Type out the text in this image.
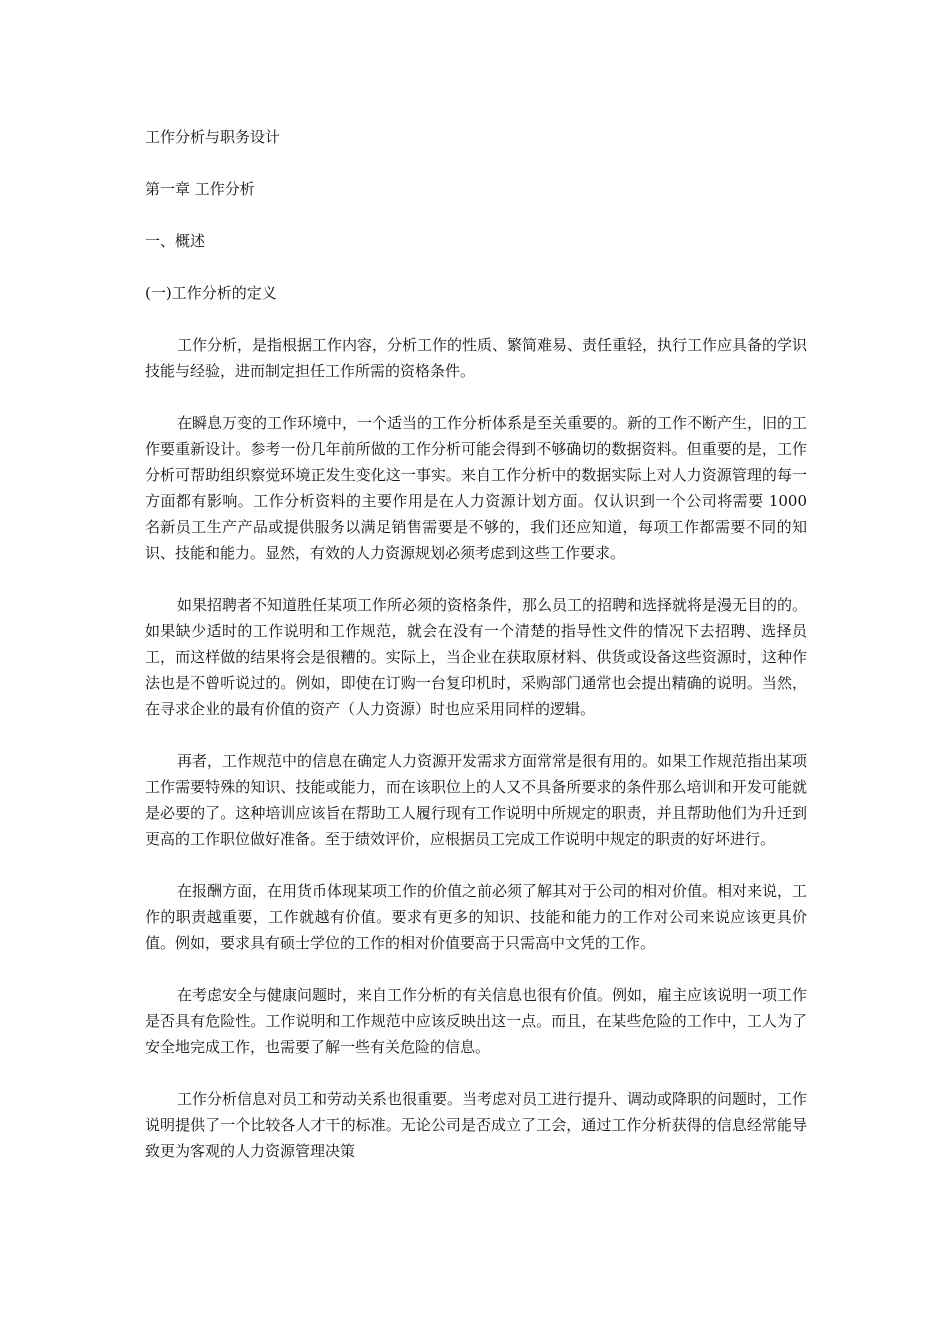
工作分析与职务设计
第一章 工作分析
一、概述
(一)工作分析的定义

工作分析，是指根据工作内容，分析工作的性质、繁简难易、责任重轻，执行工作应具备的学识技能与经验，进而制定担任工作所需的资格条件。

在瞬息万变的工作环境中，一个适当的工作分析体系是至关重要的。新的工作不断产生，旧的工作要重新设计。参考一份几年前所做的工作分析可能会得到不够确切的数据资料。但重要的是，工作分析可帮助组织察觉环境正发生变化这一事实。来自工作分析中的数据实际上对人力资源管理的每一方面都有影响。工作分析资料的主要作用是在人力资源计划方面。仅认识到一个公司将需要 1000 名新员工生产产品或提供服务以满足销售需要是不够的，我们还应知道，每项工作都需要不同的知识、技能和能力。显然，有效的人力资源规划必须考虑到这些工作要求。

如果招聘者不知道胜任某项工作所必须的资格条件，那么员工的招聘和选择就将是漫无目的的。如果缺少适时的工作说明和工作规范，就会在没有一个清楚的指导性文件的情况下去招聘、选择员工，而这样做的结果将会是很糟的。实际上，当企业在获取原材料、供货或设备这些资源时，这种作法也是不曾听说过的。例如，即使在订购一台复印机时，采购部门通常也会提出精确的说明。当然，在寻求企业的最有价值的资产（人力资源）时也应采用同样的逻辑。

再者，工作规范中的信息在确定人力资源开发需求方面常常是很有用的。如果工作规范指出某项工作需要特殊的知识、技能或能力，而在该职位上的人又不具备所要求的条件那么培训和开发可能就是必要的了。这种培训应该旨在帮助工人履行现有工作说明中所规定的职责，并且帮助他们为升迁到更高的工作职位做好准备。至于绩效评价，应根据员工完成工作说明中规定的职责的好坏进行。

在报酬方面，在用货币体现某项工作的价值之前必须了解其对于公司的相对价值。相对来说，工作的职责越重要，工作就越有价值。要求有更多的知识、技能和能力的工作对公司来说应该更具价值。例如，要求具有硕士学位的工作的相对价值要高于只需高中文凭的工作。

在考虑安全与健康问题时，来自工作分析的有关信息也很有价值。例如，雇主应该说明一项工作是否具有危险性。工作说明和工作规范中应该反映出这一点。而且，在某些危险的工作中，工人为了安全地完成工作，也需要了解一些有关危险的信息。

工作分析信息对员工和劳动关系也很重要。当考虑对员工进行提升、调动或降职的问题时，工作说明提供了一个比较各人才干的标准。无论公司是否成立了工会，通过工作分析获得的信息经常能导致更为客观的人力资源管理决策
